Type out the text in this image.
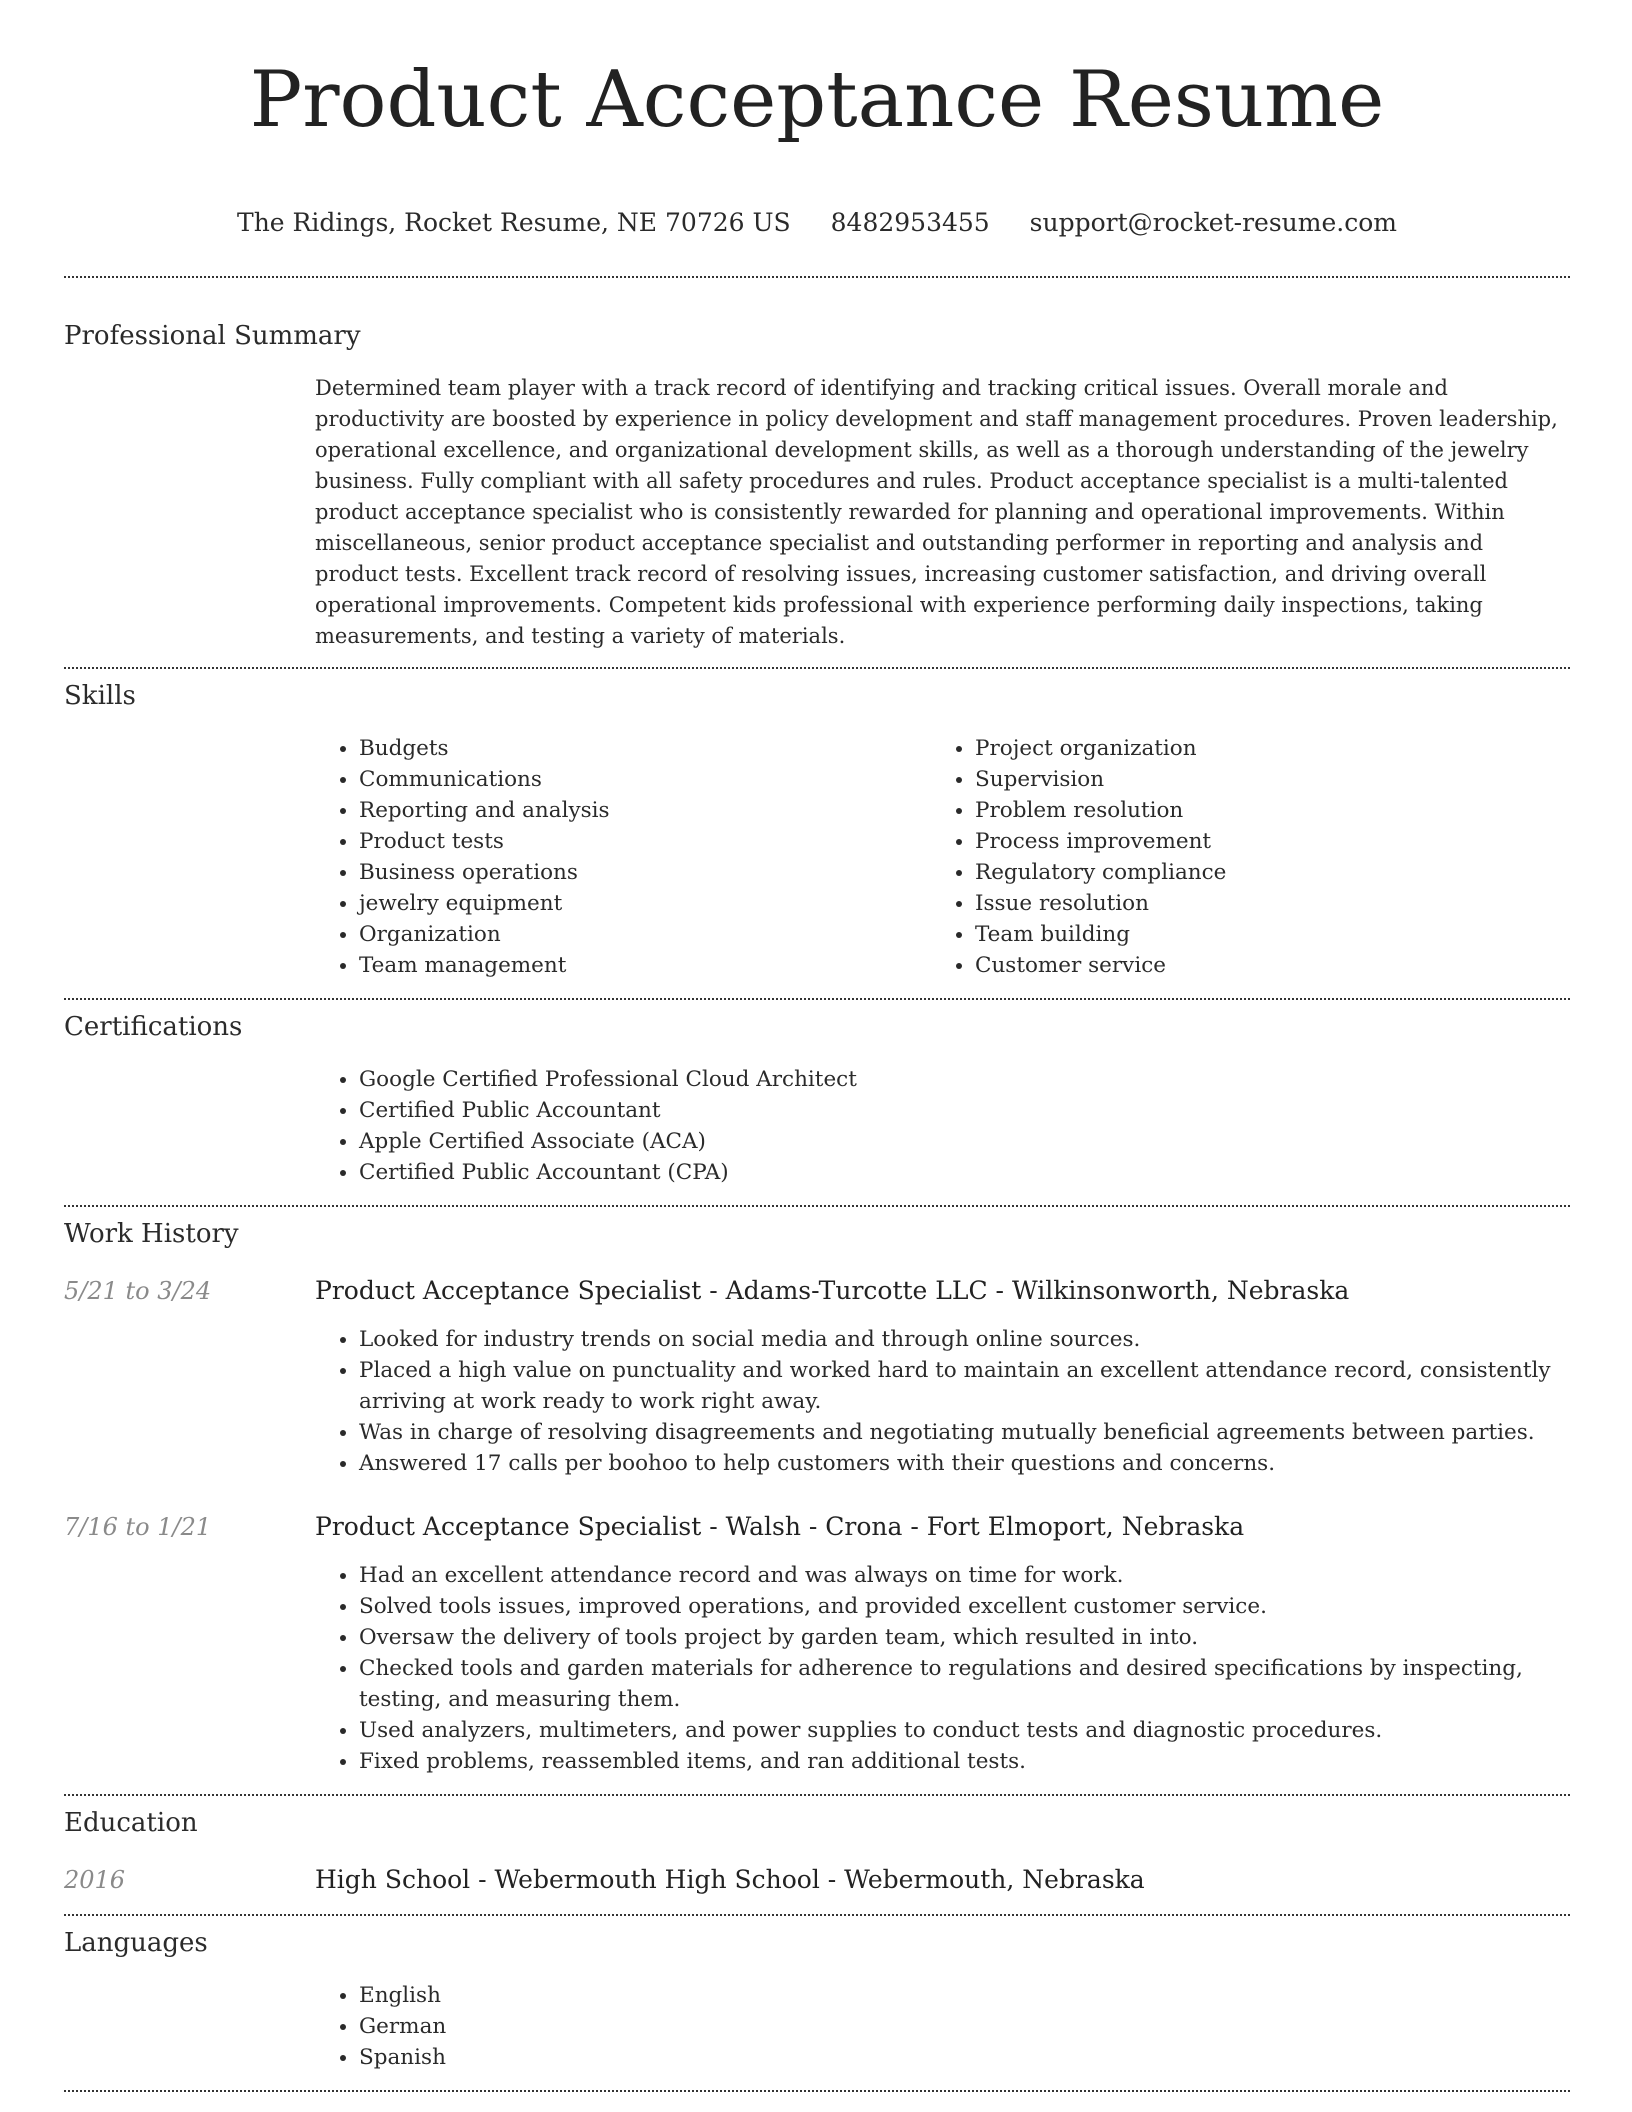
Product Acceptance Resume
The Ridings, Rocket Resume, NE 70726 US 8482953455 support@rocket-resume.com
Professional Summary

Determined team player with a track record of identifying and tracking critical issues. Overall morale and productivity are boosted by experience in policy development and staff management procedures. Proven leadership, operational excellence, and organizational development skills, as well as a thorough understanding of the jewelry business. Fully compliant with all safety procedures and rules. Product acceptance specialist is a multi-talented product acceptance specialist who is consistently rewarded for planning and operational improvements. Within miscellaneous, senior product acceptance specialist and outstanding performer in reporting and analysis and product tests. Excellent track record of resolving issues, increasing customer satisfaction, and driving overall operational improvements. Competent kids professional with experience performing daily inspections, taking measurements, and testing a variety of materials.

Skills
• Budgets
• Communications
• Reporting and analysis
• Product tests
• Business operations
• jewelry equipment
• Organization
• Team management
• Project organization
• Supervision
• Problem resolution
• Process improvement
• Regulatory compliance
• Issue resolution
• Team building
• Customer service
Certifications
• Google Certified Professional Cloud Architect
• Certified Public Accountant
• Apple Certified Associate (ACA)
• Certified Public Accountant (CPA)
Work History
5/21 to 3/24	Product Acceptance Specialist - Adams-Turcotte LLC - Wilkinsonworth, Nebraska
• Looked for industry trends on social media and through online sources.
• Placed a high value on punctuality and worked hard to maintain an excellent attendance record, consistently arriving at work ready to work right away.
• Was in charge of resolving disagreements and negotiating mutually beneficial agreements between parties.
• Answered 17 calls per boohoo to help customers with their questions and concerns.
7/16 to 1/21	Product Acceptance Specialist - Walsh - Crona - Fort Elmoport, Nebraska
• Had an excellent attendance record and was always on time for work.
• Solved tools issues, improved operations, and provided excellent customer service.
• Oversaw the delivery of tools project by garden team, which resulted in into.
• Checked tools and garden materials for adherence to regulations and desired specifications by inspecting, testing, and measuring them.
• Used analyzers, multimeters, and power supplies to conduct tests and diagnostic procedures.
• Fixed problems, reassembled items, and ran additional tests.
Education
2016	High School - Webermouth High School - Webermouth, Nebraska
Languages
• English
• German
• Spanish
